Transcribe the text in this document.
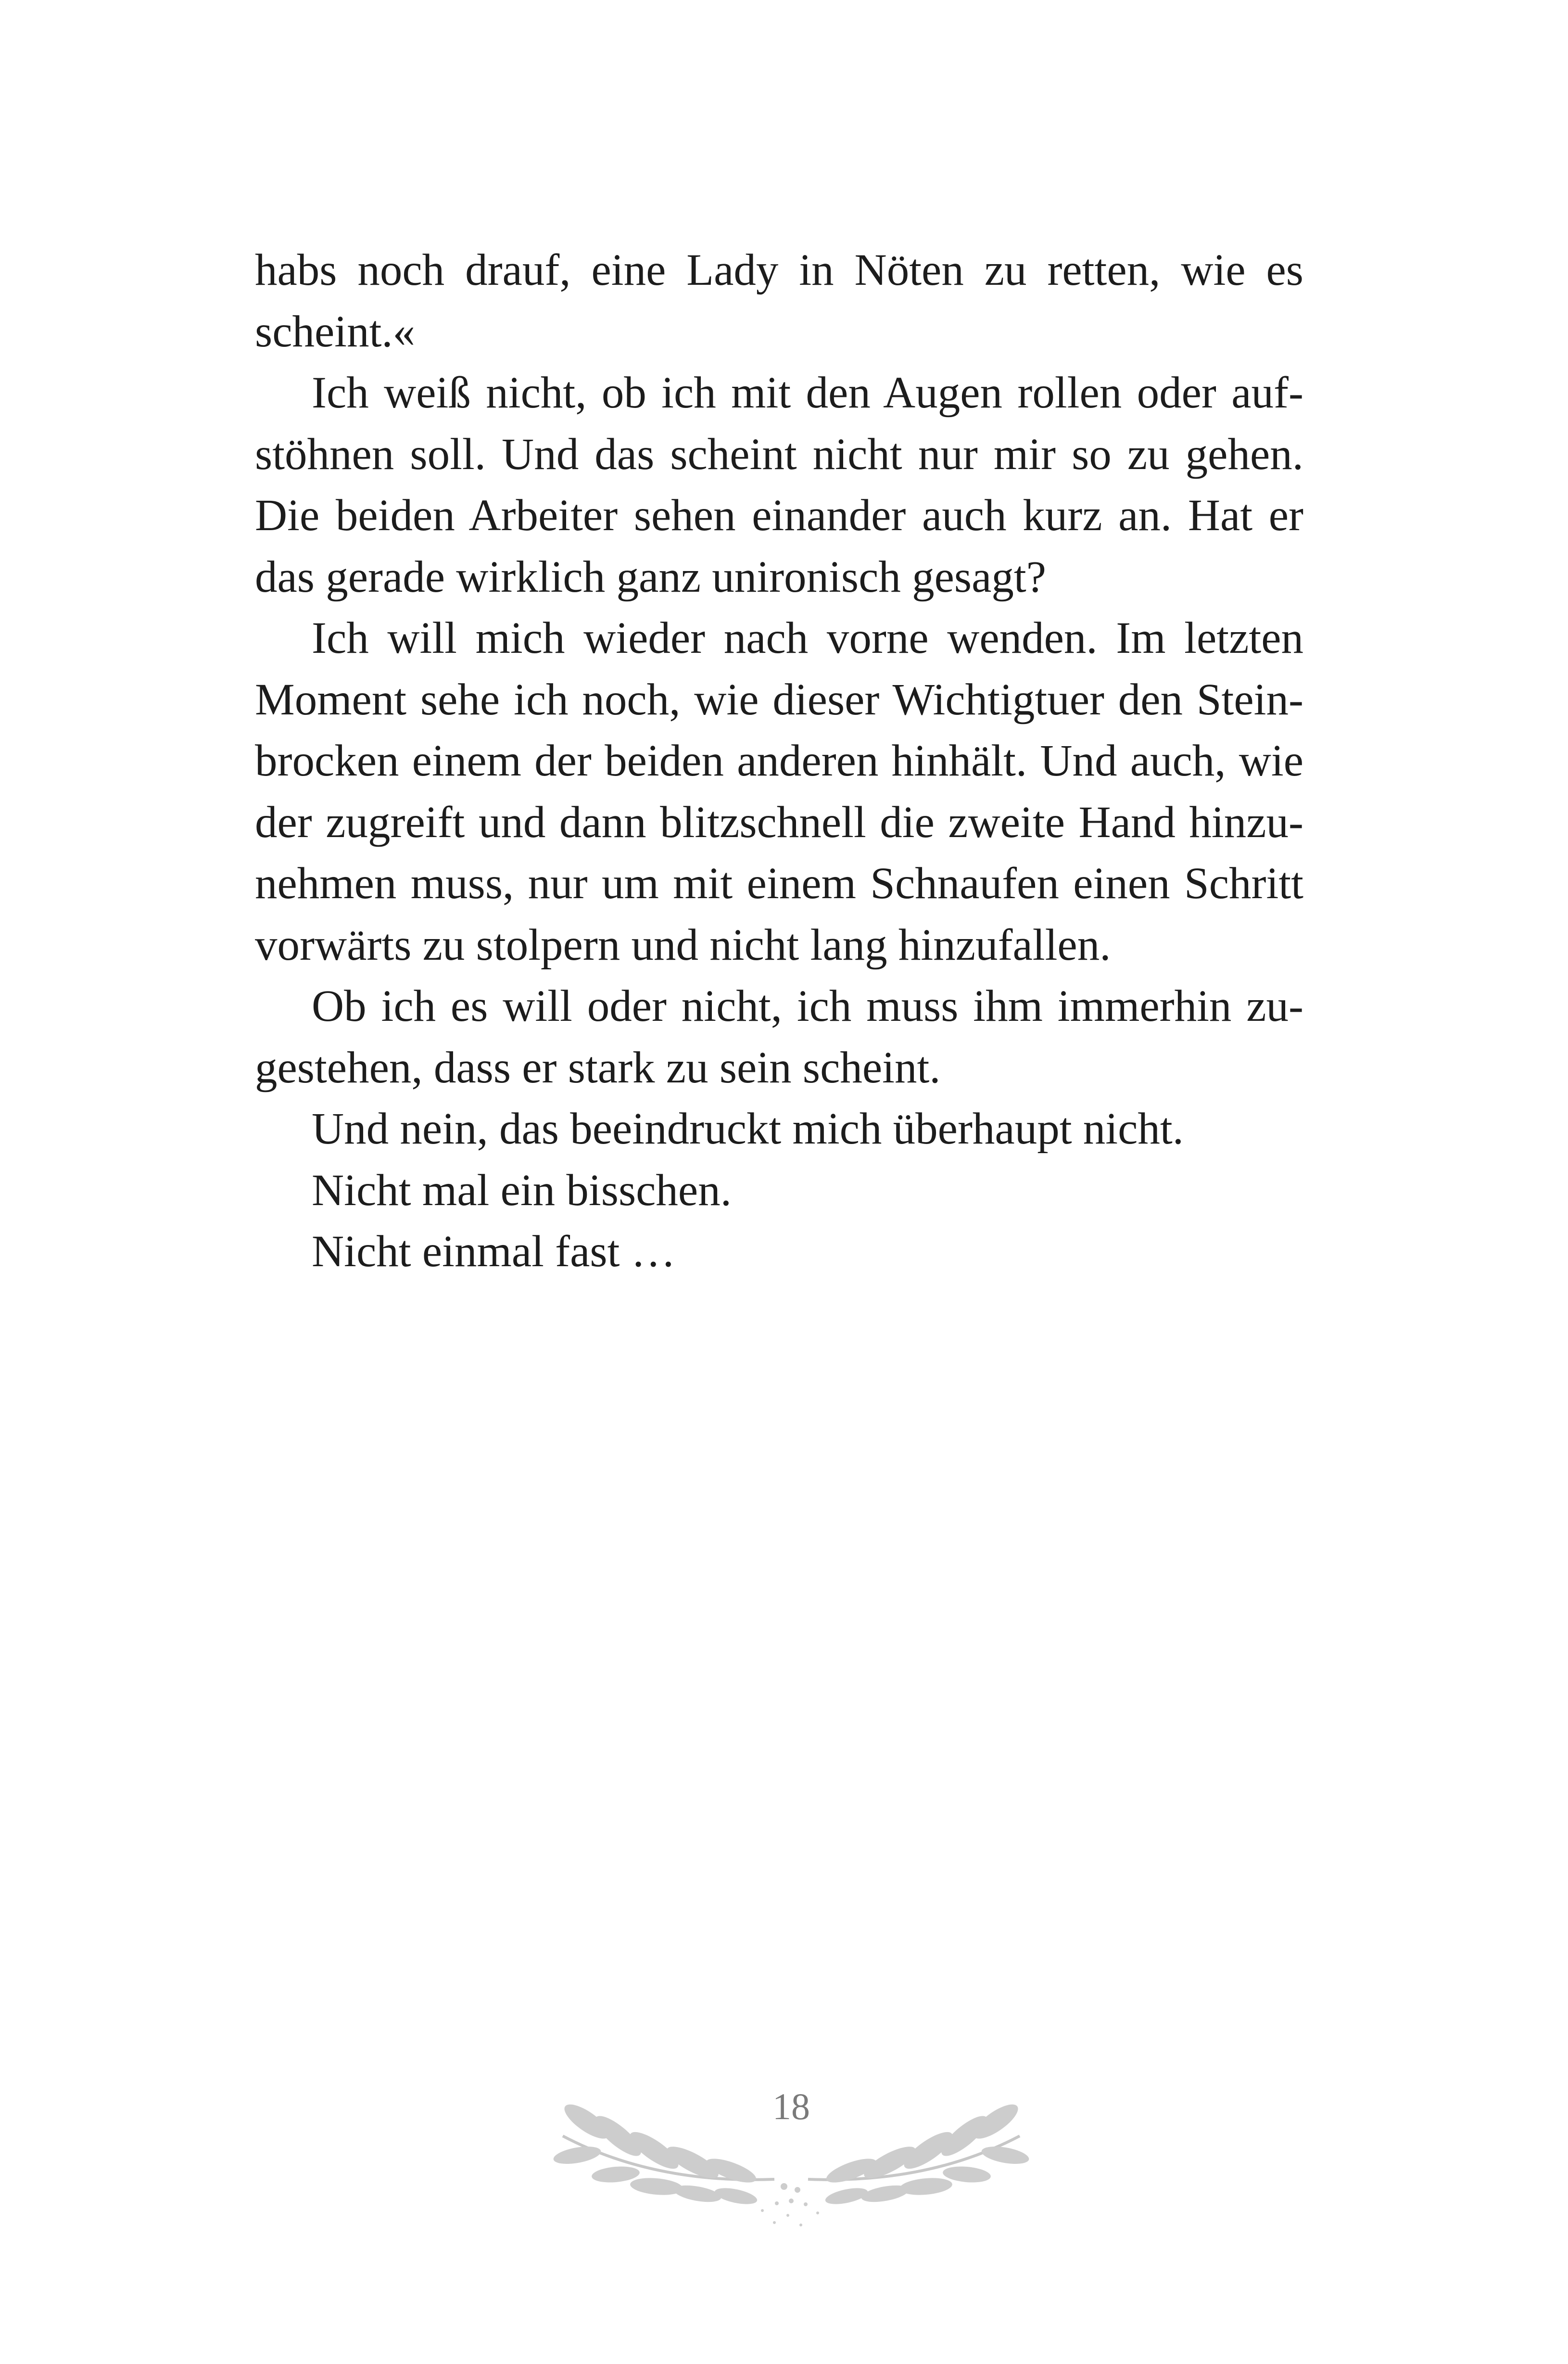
habs noch drauf, eine Lady in Nöten zu retten, wie es scheint.«

Ich weiß nicht, ob ich mit den Augen rollen oder aufstöhnen soll. Und das scheint nicht nur mir so zu gehen. Die beiden Arbeiter sehen einander auch kurz an. Hat er das gerade wirklich ganz unironisch gesagt?

Ich will mich wieder nach vorne wenden. Im letzten Moment sehe ich noch, wie dieser Wichtigtuer den Steinbrocken einem der beiden anderen hinhält. Und auch, wie der zugreift und dann blitzschnell die zweite Hand hinzunehmen muss, nur um mit einem Schnaufen einen Schritt vorwärts zu stolpern und nicht lang hinzufallen.

Ob ich es will oder nicht, ich muss ihm immerhin zugestehen, dass er stark zu sein scheint.

Und nein, das beeindruckt mich überhaupt nicht.

Nicht mal ein bisschen.

Nicht einmal fast …

18
